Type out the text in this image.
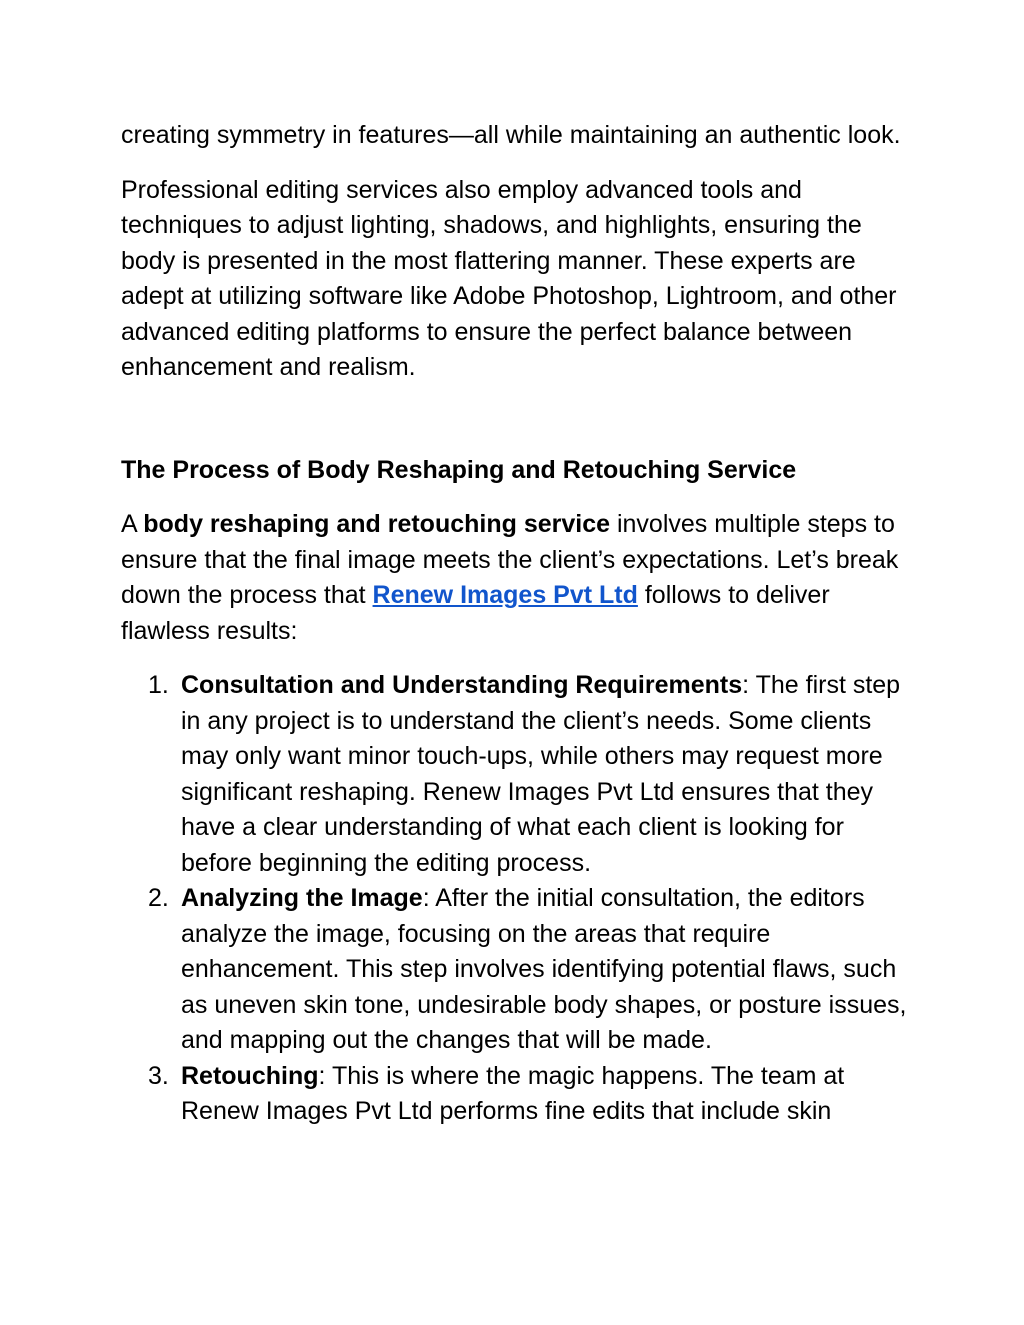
creating symmetry in features—all while maintaining an authentic look.

Professional editing services also employ advanced tools and techniques to adjust lighting, shadows, and highlights, ensuring the body is presented in the most flattering manner. These experts are adept at utilizing software like Adobe Photoshop, Lightroom, and other advanced editing platforms to ensure the perfect balance between enhancement and realism.

The Process of Body Reshaping and Retouching Service

A body reshaping and retouching service involves multiple steps to ensure that the final image meets the client’s expectations. Let’s break down the process that Renew Images Pvt Ltd follows to deliver flawless results:

1. Consultation and Understanding Requirements: The first step in any project is to understand the client’s needs. Some clients may only want minor touch-ups, while others may request more significant reshaping. Renew Images Pvt Ltd ensures that they have a clear understanding of what each client is looking for before beginning the editing process.
2. Analyzing the Image: After the initial consultation, the editors analyze the image, focusing on the areas that require enhancement. This step involves identifying potential flaws, such as uneven skin tone, undesirable body shapes, or posture issues, and mapping out the changes that will be made.
3. Retouching: This is where the magic happens. The team at Renew Images Pvt Ltd performs fine edits that include skin
